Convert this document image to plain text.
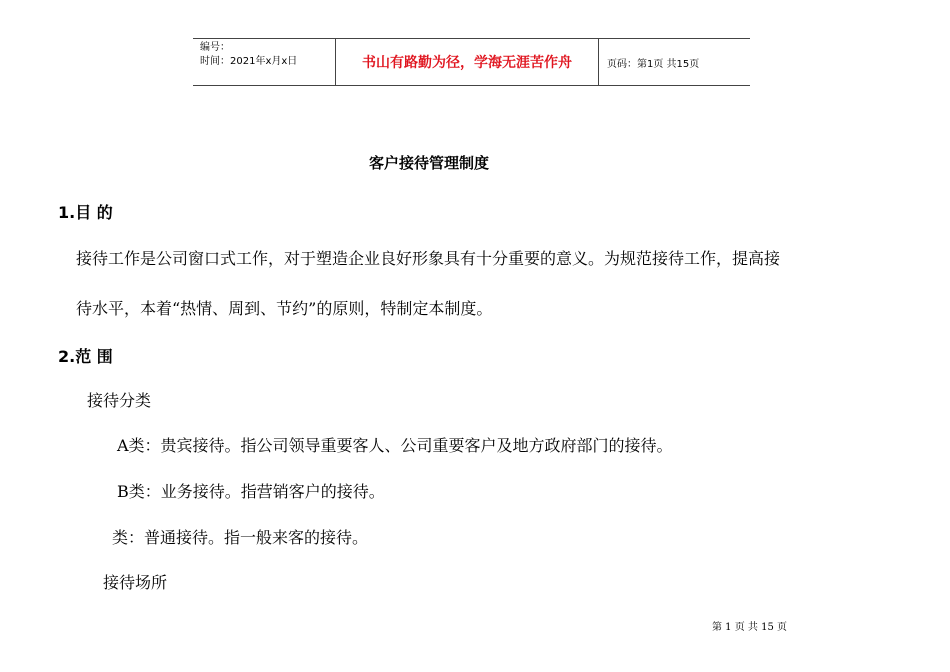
编号：
时间：2021年x月x日	书山有路勤为径，学海无涯苦作舟	页码：第1页 共15页
客户接待管理制度
1.目 的
接待工作是公司窗口式工作，对于塑造企业良好形象具有十分重要的意义。为规范接待工作，提高接
待水平，本着“热情、周到、节约”的原则，特制定本制度。
2.范 围
接待分类
A类：贵宾接待。指公司领导重要客人、公司重要客户及地方政府部门的接待。
B类：业务接待。指营销客户的接待。
类：普通接待。指一般来客的接待。
接待场所
第 1 页 共 15 页
